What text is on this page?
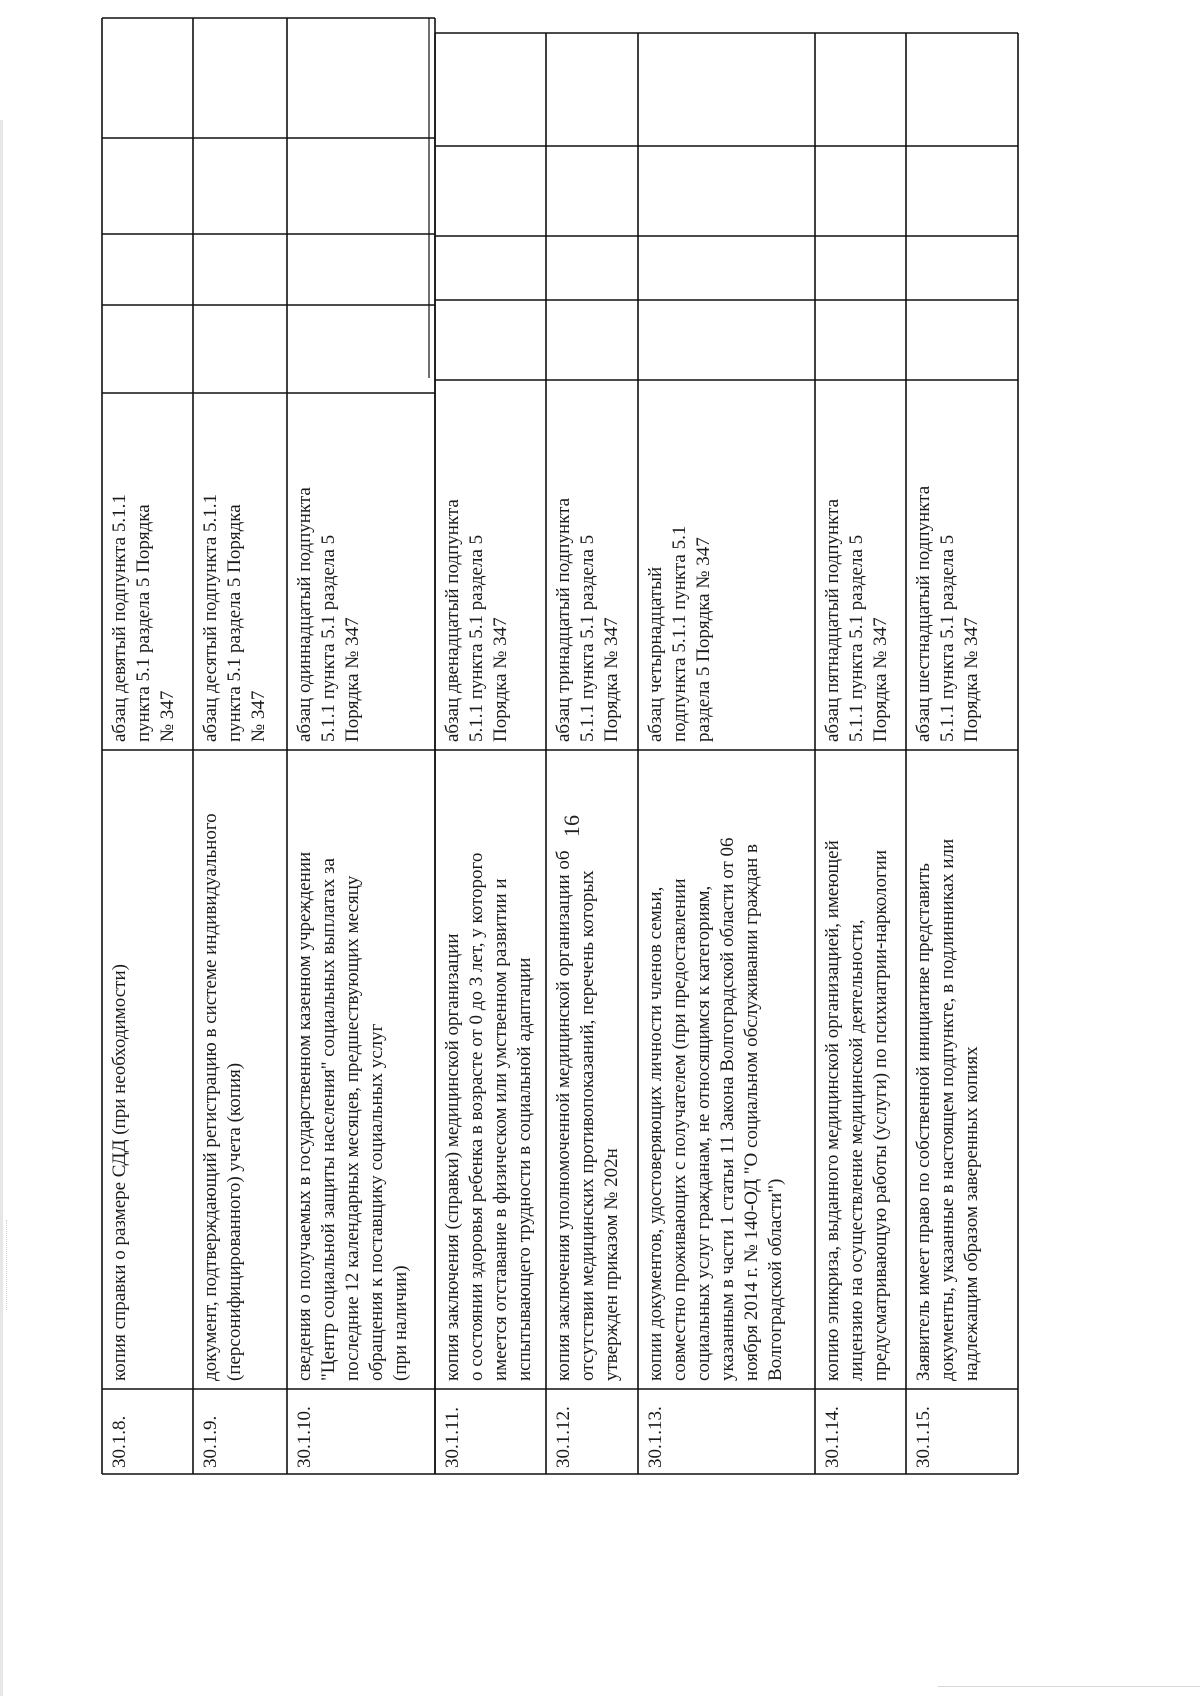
16
30.1.8.
копия справки о размере СДД (при необходимости)
абзац девятый подпункта 5.1.1 пункта 5.1 раздела 5 Порядка № 347
30.1.9.
документ, подтверждающий регистрацию в системе индивидуального (персонифицированного) учета (копия)
абзац десятый подпункта 5.1.1 пункта 5.1 раздела 5 Порядка № 347
30.1.10.
сведения о получаемых в государственном казенном учреждении "Центр социальной защиты населения" социальных выплатах за последние 12 календарных месяцев, предшествующих месяцу обращения к поставщику социальных услуг (при наличии)
абзац одиннадцатый подпункта 5.1.1 пункта 5.1 раздела 5 Порядка № 347
30.1.11.
копия заключения (справки) медицинской организации о состоянии здоровья ребенка в возрасте от 0 до 3 лет, у которого имеется отставание в физическом или умственном развитии и испытывающего трудности в социальной адаптации
абзац двенадцатый подпункта 5.1.1 пункта 5.1 раздела 5 Порядка № 347
30.1.12.
копия заключения уполномоченной медицинской организации об отсутствии медицинских противопоказаний, перечень которых утвержден приказом № 202н
абзац тринадцатый подпункта 5.1.1 пункта 5.1 раздела 5 Порядка № 347
30.1.13.
копии документов, удостоверяющих личности членов семьи, совместно проживающих с получателем (при предоставлении социальных услуг гражданам, не относящимся к категориям, указанным в части 1 статьи 11 Закона Волгоградской области от 06 ноября 2014 г. № 140-ОД "О социальном обслуживании граждан в Волгоградской области")
абзац четырнадцатый подпункта 5.1.1 пункта 5.1 раздела 5 Порядка № 347
30.1.14.
копию эпикриза, выданного медицинской организацией, имеющей лицензию на осуществление медицинской деятельности, предусматривающую работы (услуги) по психиатрии-наркологии
абзац пятнадцатый подпункта 5.1.1 пункта 5.1 раздела 5 Порядка № 347
30.1.15.
Заявитель имеет право по собственной инициативе представить документы, указанные в настоящем подпункте, в подлинниках или надлежащим образом заверенных копиях
абзац шестнадцатый подпункта 5.1.1 пункта 5.1 раздела 5 Порядка № 347
